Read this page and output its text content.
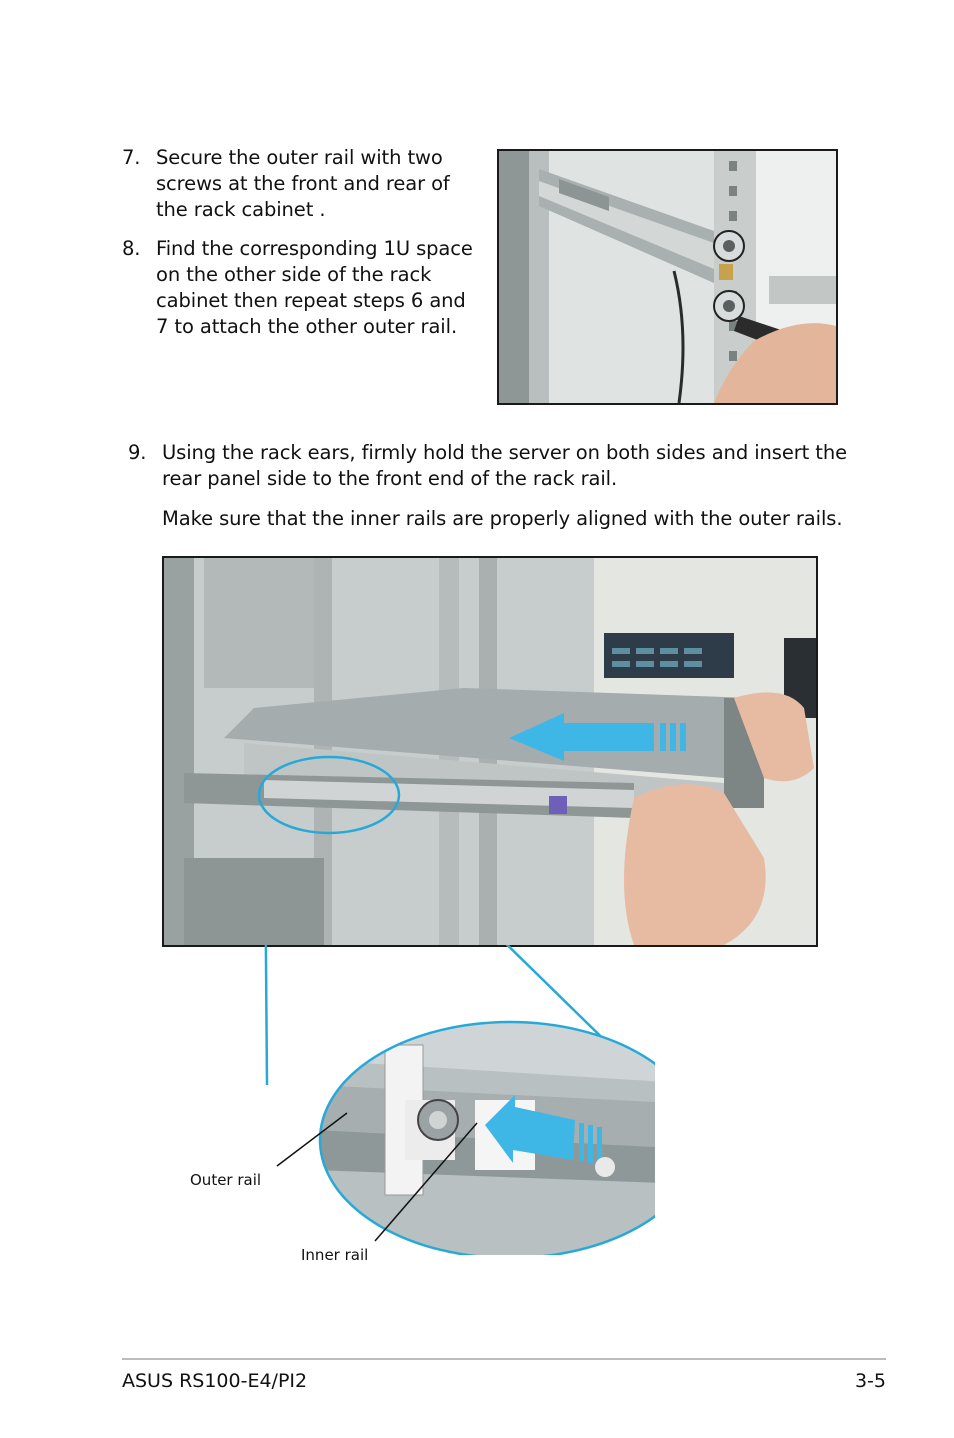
7. Secure the outer rail with two
screws at the front and rear of
the rack cabinet .
8. Find the corresponding 1U space
on the other side of the rack
cabinet then repeat steps 6 and
7 to attach the other outer rail.
9. Using the rack ears, firmly hold the server on both sides and insert the
rear panel side to the front end of the rack rail.
Make sure that the inner rails are properly aligned with the outer rails.
Outer rail
Inner rail
ASUS RS100-E4/PI2	3-5
